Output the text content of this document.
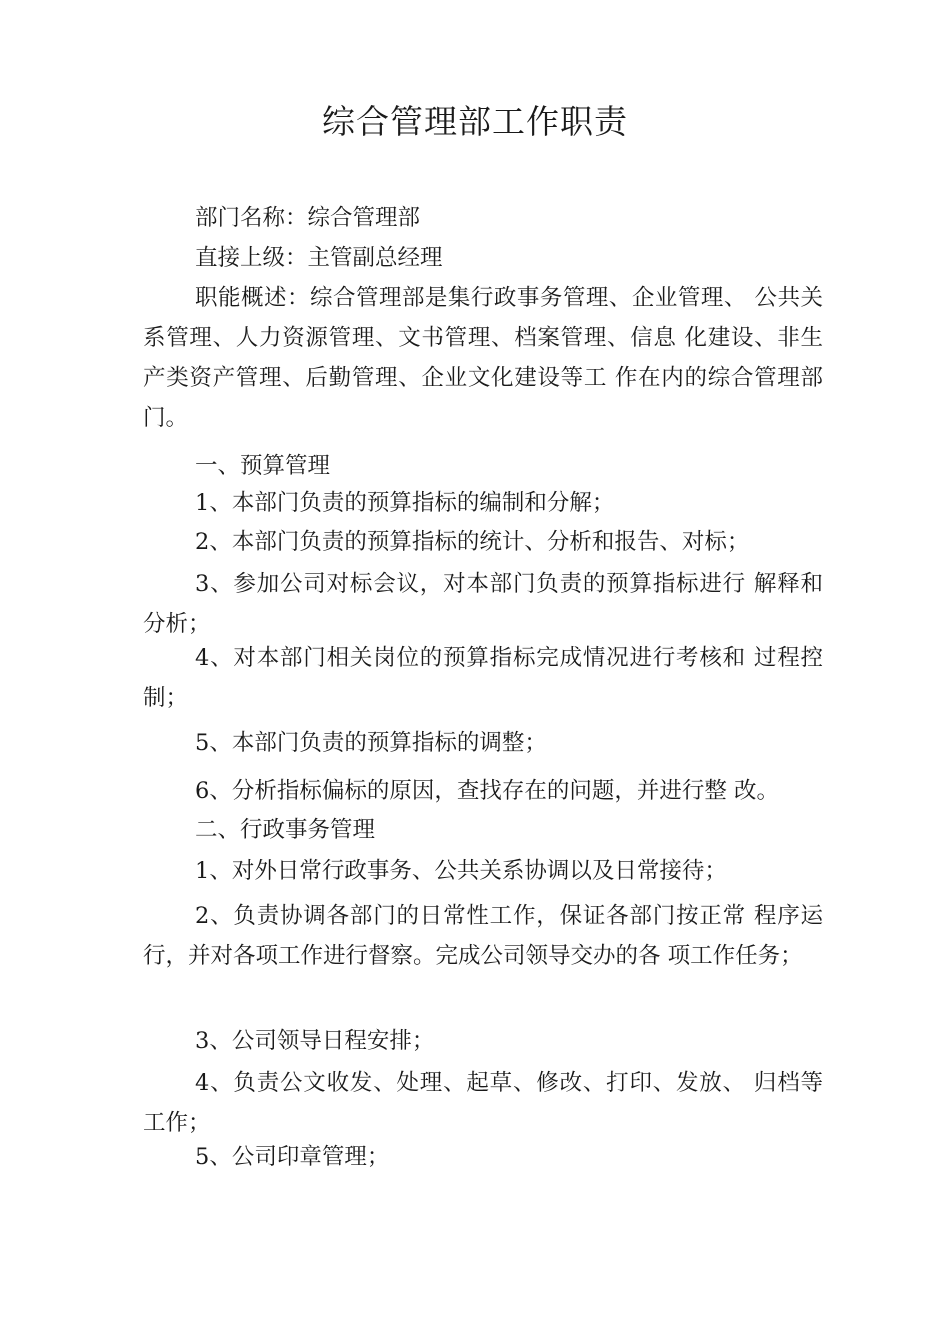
综合管理部工作职责
部门名称：综合管理部
直接上级：主管副总经理
职能概述：综合管理部是集行政事务管理、企业管理、 公共关系管理、人力资源管理、文书管理、档案管理、信息 化建设、非生产类资产管理、后勤管理、企业文化建设等工 作在内的综合管理部门。
一、预算管理
1、本部门负责的预算指标的编制和分解；
2、本部门负责的预算指标的统计、分析和报告、对标；
3、参加公司对标会议，对本部门负责的预算指标进行 解释和分析；
4、对本部门相关岗位的预算指标完成情况进行考核和 过程控制；
5、本部门负责的预算指标的调整；
6、分析指标偏标的原因，查找存在的问题，并进行整 改。
二、行政事务管理
1、对外日常行政事务、公共关系协调以及日常接待；
2、负责协调各部门的日常性工作，保证各部门按正常 程序运行，并对各项工作进行督察。完成公司领导交办的各 项工作任务；
3、公司领导日程安排；
4、负责公文收发、处理、起草、修改、打印、发放、 归档等工作；
5、公司印章管理；
